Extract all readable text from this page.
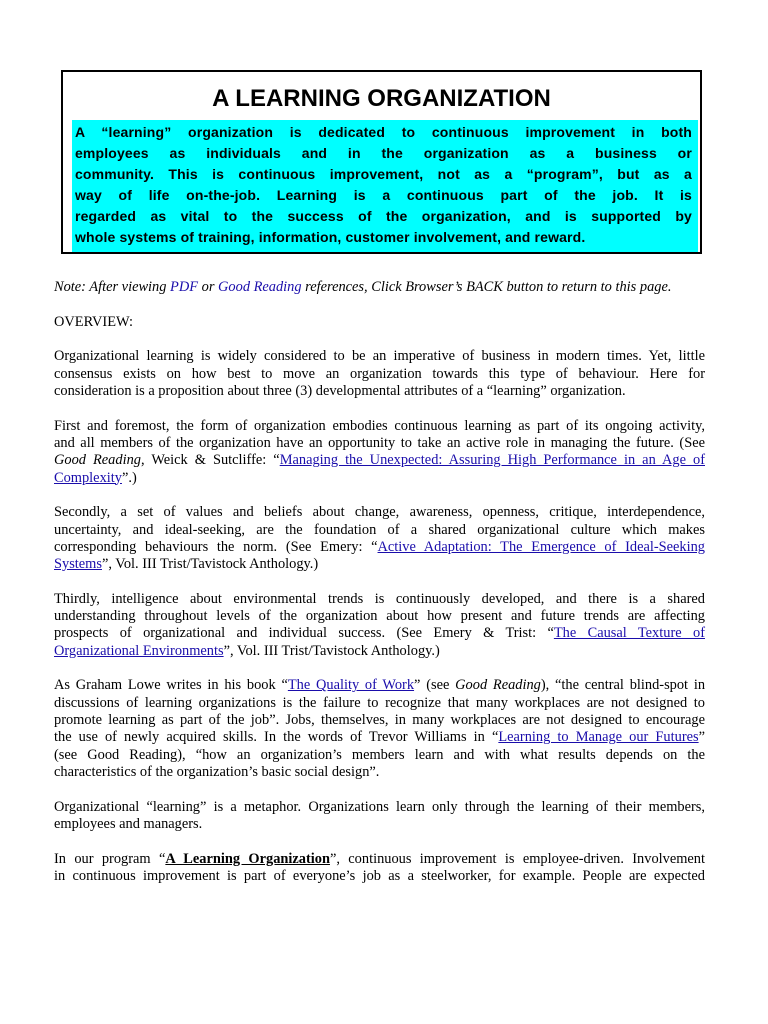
A LEARNING ORGANIZATION
A “learning” organization is dedicated to continuous improvement in both
employees as individuals and in the organization as a business or
community. This is continuous improvement, not as a “program”, but as a
way of life on-the-job. Learning is a continuous part of the job. It is
regarded as vital to the success of the organization, and is supported by
whole systems of training, information, customer involvement, and reward.

Note: After viewing PDF or Good Reading references, Click Browser’s BACK button to return to this page.

OVERVIEW:

Organizational learning is widely considered to be an imperative of business in modern times. Yet, little
consensus exists on how best to move an organization towards this type of behaviour. Here for
consideration is a proposition about three (3) developmental attributes of a “learning” organization.

First and foremost, the form of organization embodies continuous learning as part of its ongoing activity,
and all members of the organization have an opportunity to take an active role in managing the future. (See
Good Reading, Weick & Sutcliffe: “Managing the Unexpected: Assuring High Performance in an Age of
Complexity”.)

Secondly, a set of values and beliefs about change, awareness, openness, critique, interdependence,
uncertainty, and ideal-seeking, are the foundation of a shared organizational culture which makes
corresponding behaviours the norm. (See Emery: “Active Adaptation: The Emergence of Ideal-Seeking
Systems”, Vol. III Trist/Tavistock Anthology.)

Thirdly, intelligence about environmental trends is continuously developed, and there is a shared
understanding throughout levels of the organization about how present and future trends are affecting
prospects of organizational and individual success. (See Emery & Trist: “The Causal Texture of
Organizational Environments”, Vol. III Trist/Tavistock Anthology.)

As Graham Lowe writes in his book “The Quality of Work” (see Good Reading), “the central blind-spot in
discussions of learning organizations is the failure to recognize that many workplaces are not designed to
promote learning as part of the job”. Jobs, themselves, in many workplaces are not designed to encourage
the use of newly acquired skills. In the words of Trevor Williams in “Learning to Manage our Futures”
(see Good Reading), “how an organization’s members learn and with what results depends on the
characteristics of the organization’s basic social design”.

Organizational “learning” is a metaphor. Organizations learn only through the learning of their members,
employees and managers.

In our program “A Learning Organization”, continuous improvement is employee-driven. Involvement
in continuous improvement is part of everyone’s job as a steelworker, for example. People are expected
